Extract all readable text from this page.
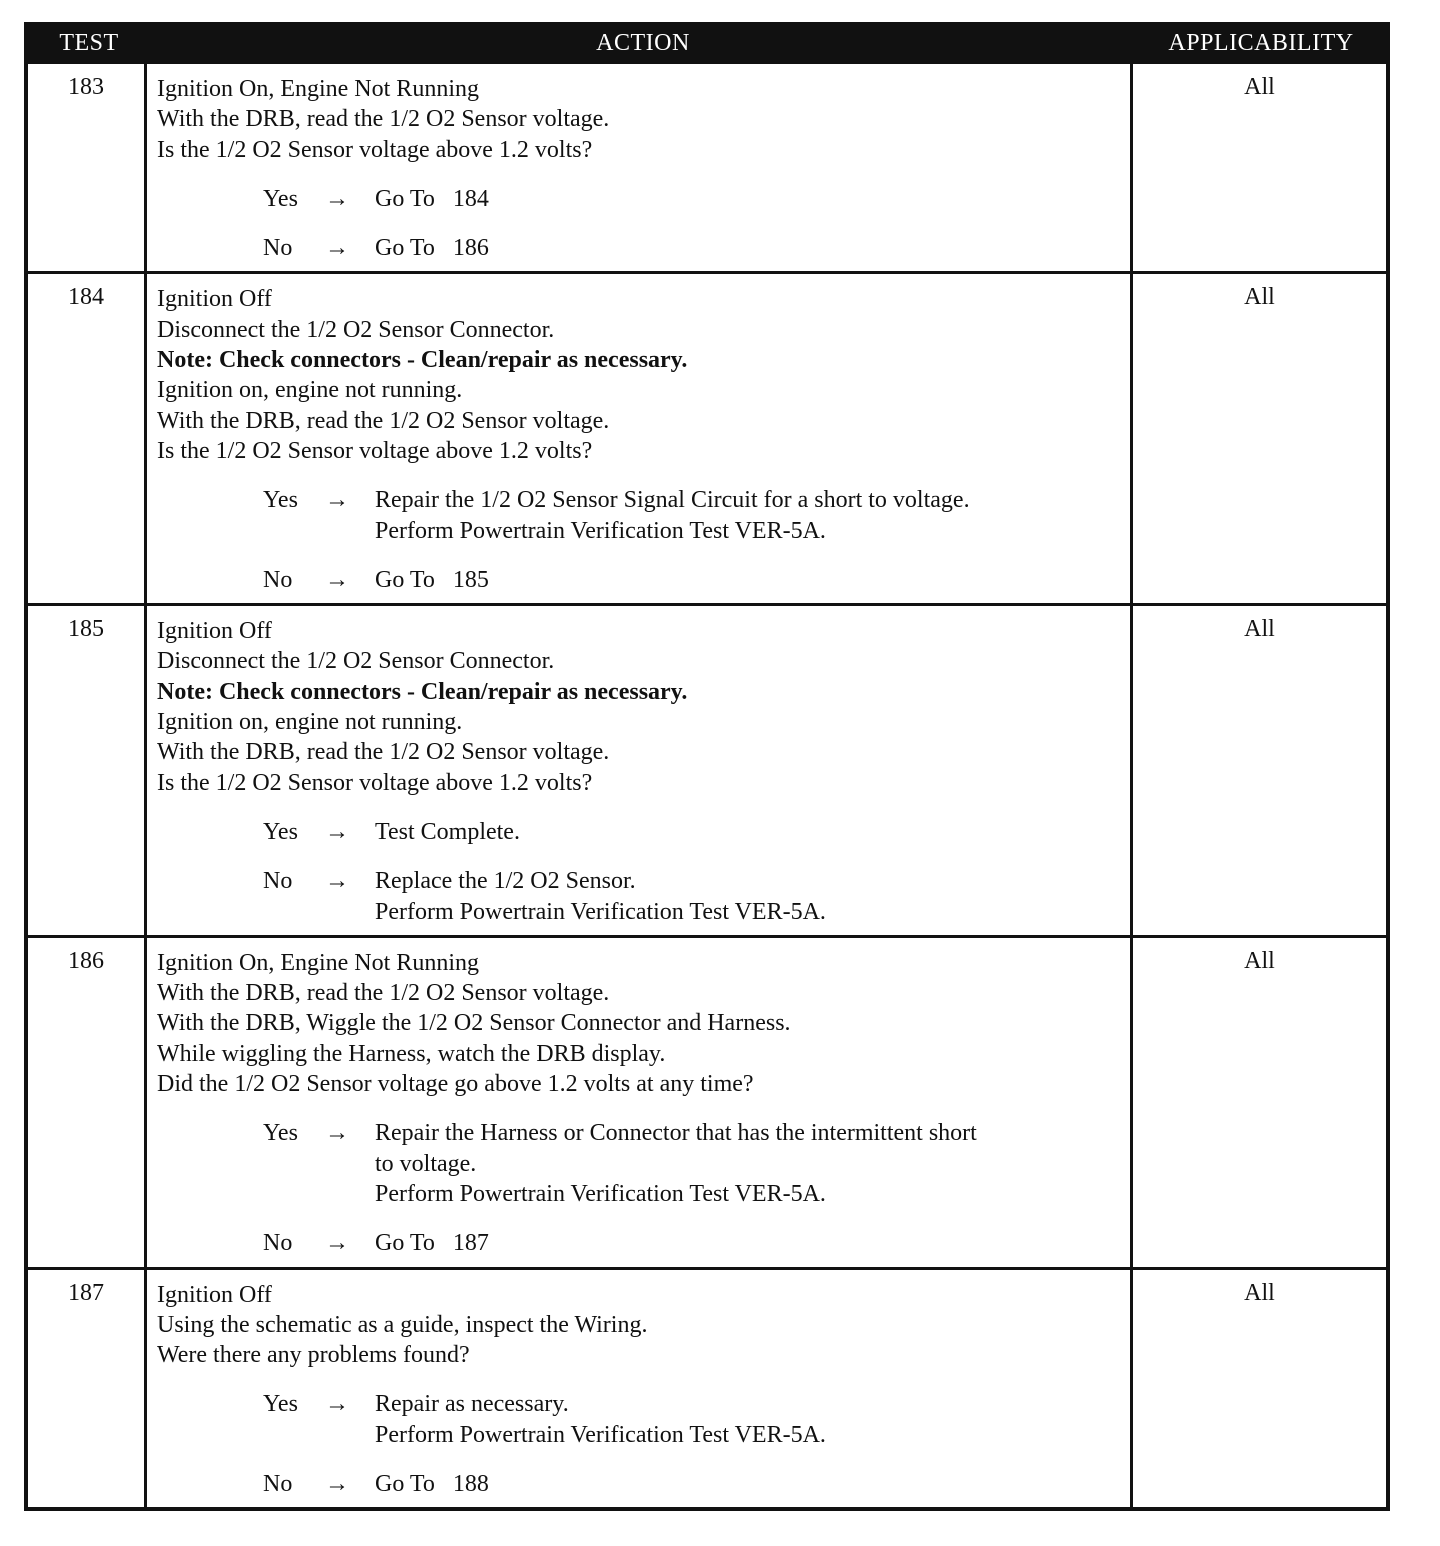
TEST	ACTION	APPLICABILITY
183	Ignition On, Engine Not Running
With the DRB, read the 1/2 O2 Sensor voltage.
Is the 1/2 O2 Sensor voltage above 1.2 volts?
Yes	→	Go To   184
No	→	Go To   186
All
184	Ignition Off
Disconnect the 1/2 O2 Sensor Connector.
Note: Check connectors - Clean/repair as necessary.
Ignition on, engine not running.
With the DRB, read the 1/2 O2 Sensor voltage.
Is the 1/2 O2 Sensor voltage above 1.2 volts?
Yes	→	Repair the 1/2 O2 Sensor Signal Circuit for a short to voltage.
Perform Powertrain Verification Test VER-5A.
No	→	Go To   185
All
185	Ignition Off
Disconnect the 1/2 O2 Sensor Connector.
Note: Check connectors - Clean/repair as necessary.
Ignition on, engine not running.
With the DRB, read the 1/2 O2 Sensor voltage.
Is the 1/2 O2 Sensor voltage above 1.2 volts?
Yes	→	Test Complete.
No	→	Replace the 1/2 O2 Sensor.
Perform Powertrain Verification Test VER-5A.
All
186	Ignition On, Engine Not Running
With the DRB, read the 1/2 O2 Sensor voltage.
With the DRB, Wiggle the 1/2 O2 Sensor Connector and Harness.
While wiggling the Harness, watch the DRB display.
Did the 1/2 O2 Sensor voltage go above 1.2 volts at any time?
Yes	→	Repair the Harness or Connector that has the intermittent short
to voltage.
Perform Powertrain Verification Test VER-5A.
No	→	Go To   187
All
187	Ignition Off
Using the schematic as a guide, inspect the Wiring.
Were there any problems found?
Yes	→	Repair as necessary.
Perform Powertrain Verification Test VER-5A.
No	→	Go To   188
All
